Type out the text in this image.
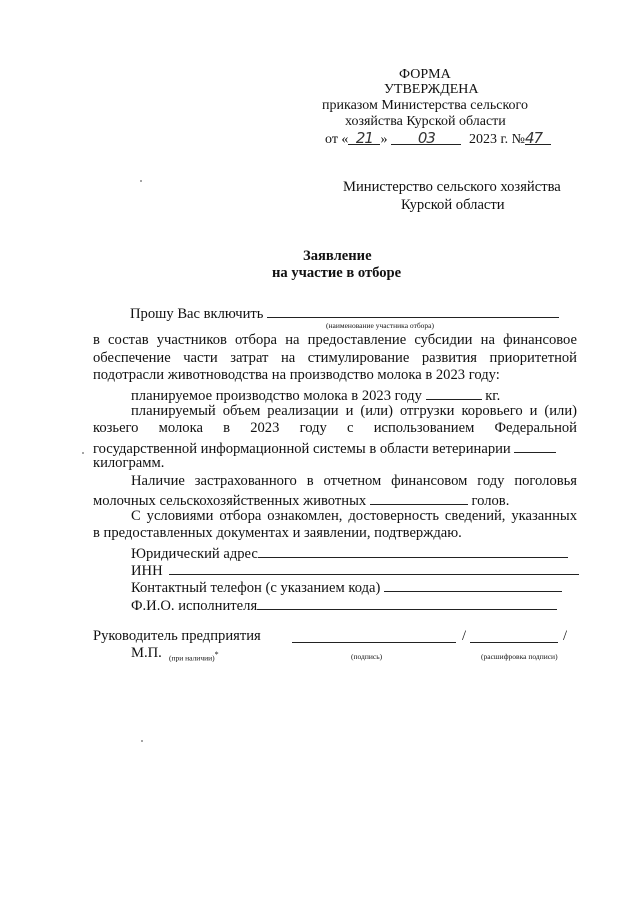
ФОРМА
УТВЕРЖДЕНА
приказом Министерства сельского
хозяйства Курской области
от « 21 » 03 2023 г. №47
Министерство сельского хозяйства
Курской области
Заявление
на участие в отборе
Прошу Вас включить
(наименование участника отбора)
в состав участников отбора на предоставление субсидии на финансовое
обеспечение части затрат на стимулирование развития приоритетной
подотрасли животноводства на производство молока в 2023 году:
планируемое производство молока в 2023 году	кг.
планируемый объем реализации и (или) отгрузки коровьего и (или)
козьего молока в 2023 году с использованием Федеральной
государственной информационной системы в области ветеринарии
килограмм.
Наличие застрахованного в отчетном финансовом году поголовья
молочных сельскохозяйственных животных	голов.
С условиями отбора ознакомлен, достоверность сведений, указанных
в предоставленных документах и заявлении, подтверждаю.
Юридический адрес
ИНН
Контактный телефон (с указанием кода)
Ф.И.О. исполнителя
Руководитель предприятия	/	/
М.П. (при наличии)*	(подпись)	(расшифровка подписи)
